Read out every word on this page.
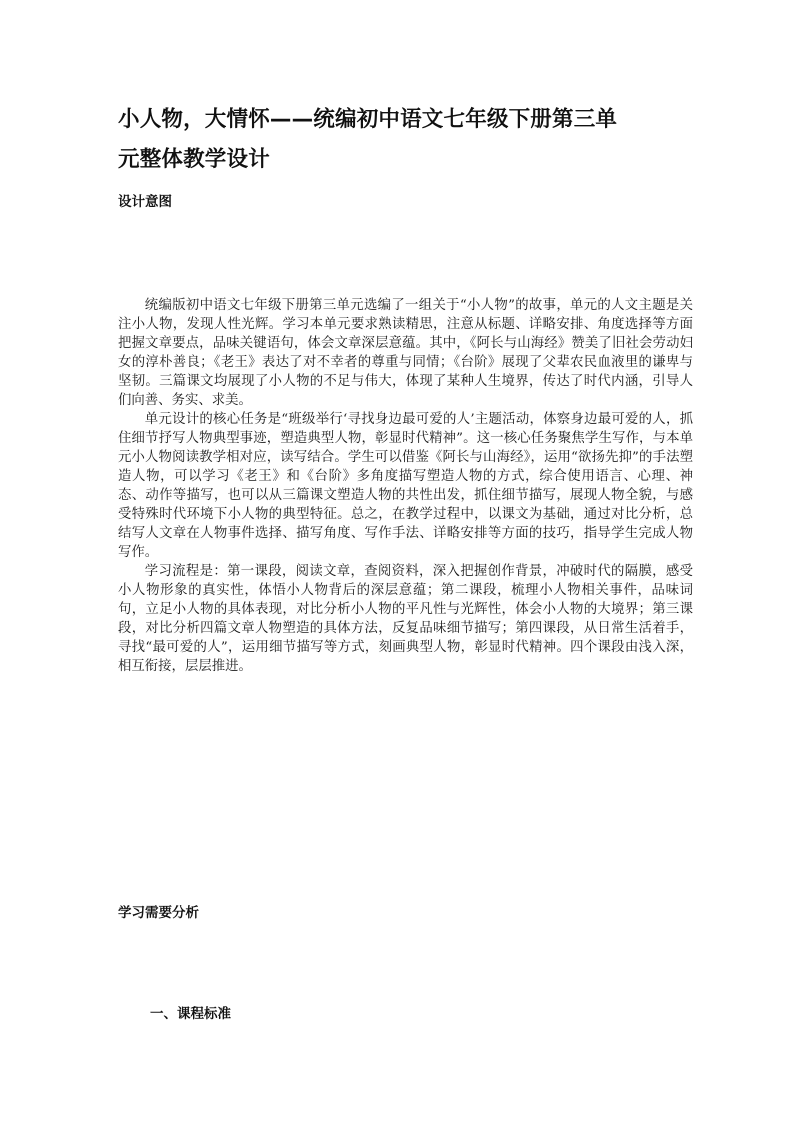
小人物，大情怀——统编初中语文七年级下册第三单
元整体教学设计
设计意图

统编版初中语文七年级下册第三单元选编了一组关于“小人物”的故事，单元的人文主题是关注小人物，发现人性光辉。学习本单元要求熟读精思，注意从标题、详略安排、角度选择等方面把握文章要点，品味关键语句，体会文章深层意蕴。其中，《阿长与山海经》赞美了旧社会劳动妇女的淳朴善良；《老王》表达了对不幸者的尊重与同情；《台阶》展现了父辈农民血液里的谦卑与坚韧。三篇课文均展现了小人物的不足与伟大，体现了某种人生境界，传达了时代内涵，引导人们向善、务实、求美。

单元设计的核心任务是“班级举行‘寻找身边最可爱的人’主题活动，体察身边最可爱的人，抓住细节抒写人物典型事迹，塑造典型人物，彰显时代精神”。这一核心任务聚焦学生写作，与本单元小人物阅读教学相对应，读写结合。学生可以借鉴《阿长与山海经》，运用“欲扬先抑”的手法塑造人物，可以学习《老王》和《台阶》多角度描写塑造人物的方式，综合使用语言、心理、神态、动作等描写，也可以从三篇课文塑造人物的共性出发，抓住细节描写，展现人物全貌，与感受特殊时代环境下小人物的典型特征。总之，在教学过程中，以课文为基础，通过对比分析，总结写人文章在人物事件选择、描写角度、写作手法、详略安排等方面的技巧，指导学生完成人物写作。

学习流程是：第一课段，阅读文章，查阅资料，深入把握创作背景，冲破时代的隔膜，感受小人物形象的真实性，体悟小人物背后的深层意蕴；第二课段，梳理小人物相关事件，品味词句，立足小人物的具体表现，对比分析小人物的平凡性与光辉性，体会小人物的大境界；第三课段，对比分析四篇文章人物塑造的具体方法，反复品味细节描写；第四课段，从日常生活着手，寻找“最可爱的人”，运用细节描写等方式，刻画典型人物，彰显时代精神。四个课段由浅入深，相互衔接，层层推进。

学习需要分析
一、课程标准
